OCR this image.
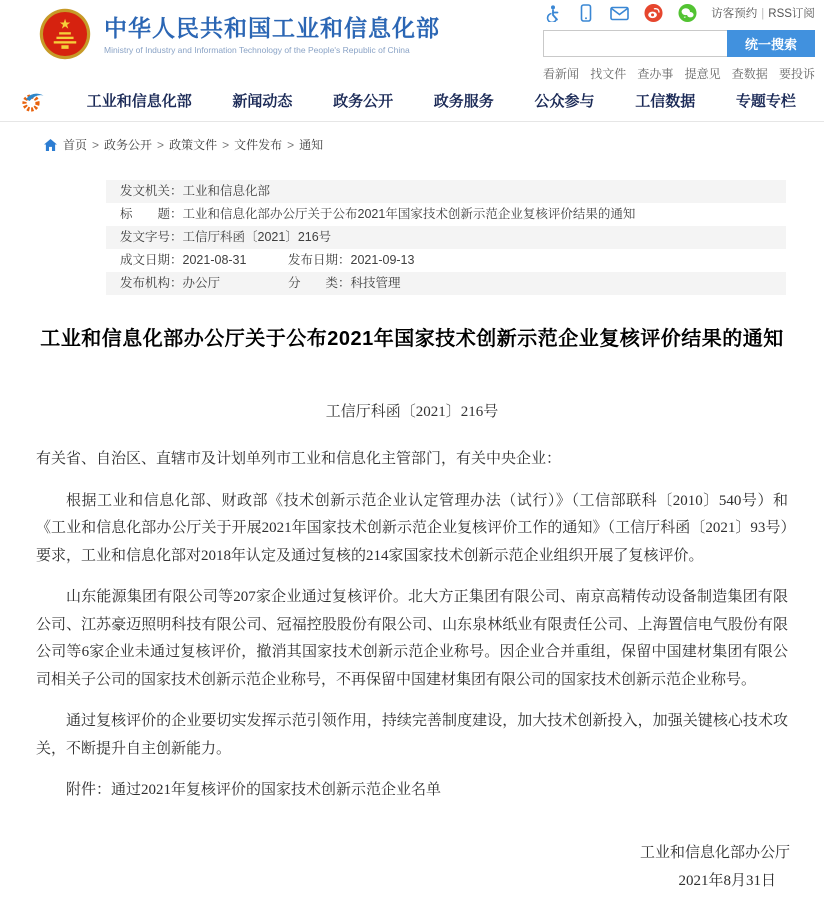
★ 中华人民共和国工业和信息化部
Ministry of Industry and Information Technology of the People's Republic of China
访客预约 | RSS订阅
统一搜索
看新闻 找文件 查办事 提意见 查数据 要投诉
工业和信息化部	新闻动态	政务公开	政务服务	公众参与	工信数据	专题专栏
首页 > 政务公开 > 政策文件 > 文件发布 > 通知
发文机关： 工业和信息化部
标　　题： 工业和信息化部办公厅关于公布2021年国家技术创新示范企业复核评价结果的通知
发文字号： 工信厅科函〔2021〕216号
成文日期：2021-08-31	发布日期：2021-09-13
发布机构：办公厅	分　　类：科技管理
工业和信息化部办公厅关于公布2021年国家技术创新示范企业复核评价结果的通知
工信厅科函〔2021〕216号

有关省、自治区、直辖市及计划单列市工业和信息化主管部门，有关中央企业：

根据工业和信息化部、财政部《技术创新示范企业认定管理办法（试行）》（工信部联科〔2010〕540号）和《工业和信息化部办公厅关于开展2021年国家技术创新示范企业复核评价工作的通知》（工信厅科函〔2021〕93号）要求，工业和信息化部对2018年认定及通过复核的214家国家技术创新示范企业组织开展了复核评价。

山东能源集团有限公司等207家企业通过复核评价。北大方正集团有限公司、南京高精传动设备制造集团有限公司、江苏豪迈照明科技有限公司、冠福控股股份有限公司、山东泉林纸业有限责任公司、上海置信电气股份有限公司等6家企业未通过复核评价，撤消其国家技术创新示范企业称号。因企业合并重组，保留中国建材集团有限公司相关子公司的国家技术创新示范企业称号，不再保留中国建材集团有限公司的国家技术创新示范企业称号。

通过复核评价的企业要切实发挥示范引领作用，持续完善制度建设，加大技术创新投入，加强关键核心技术攻关，不断提升自主创新能力。

附件：通过2021年复核评价的国家技术创新示范企业名单

工业和信息化部办公厅
2021年8月31日
